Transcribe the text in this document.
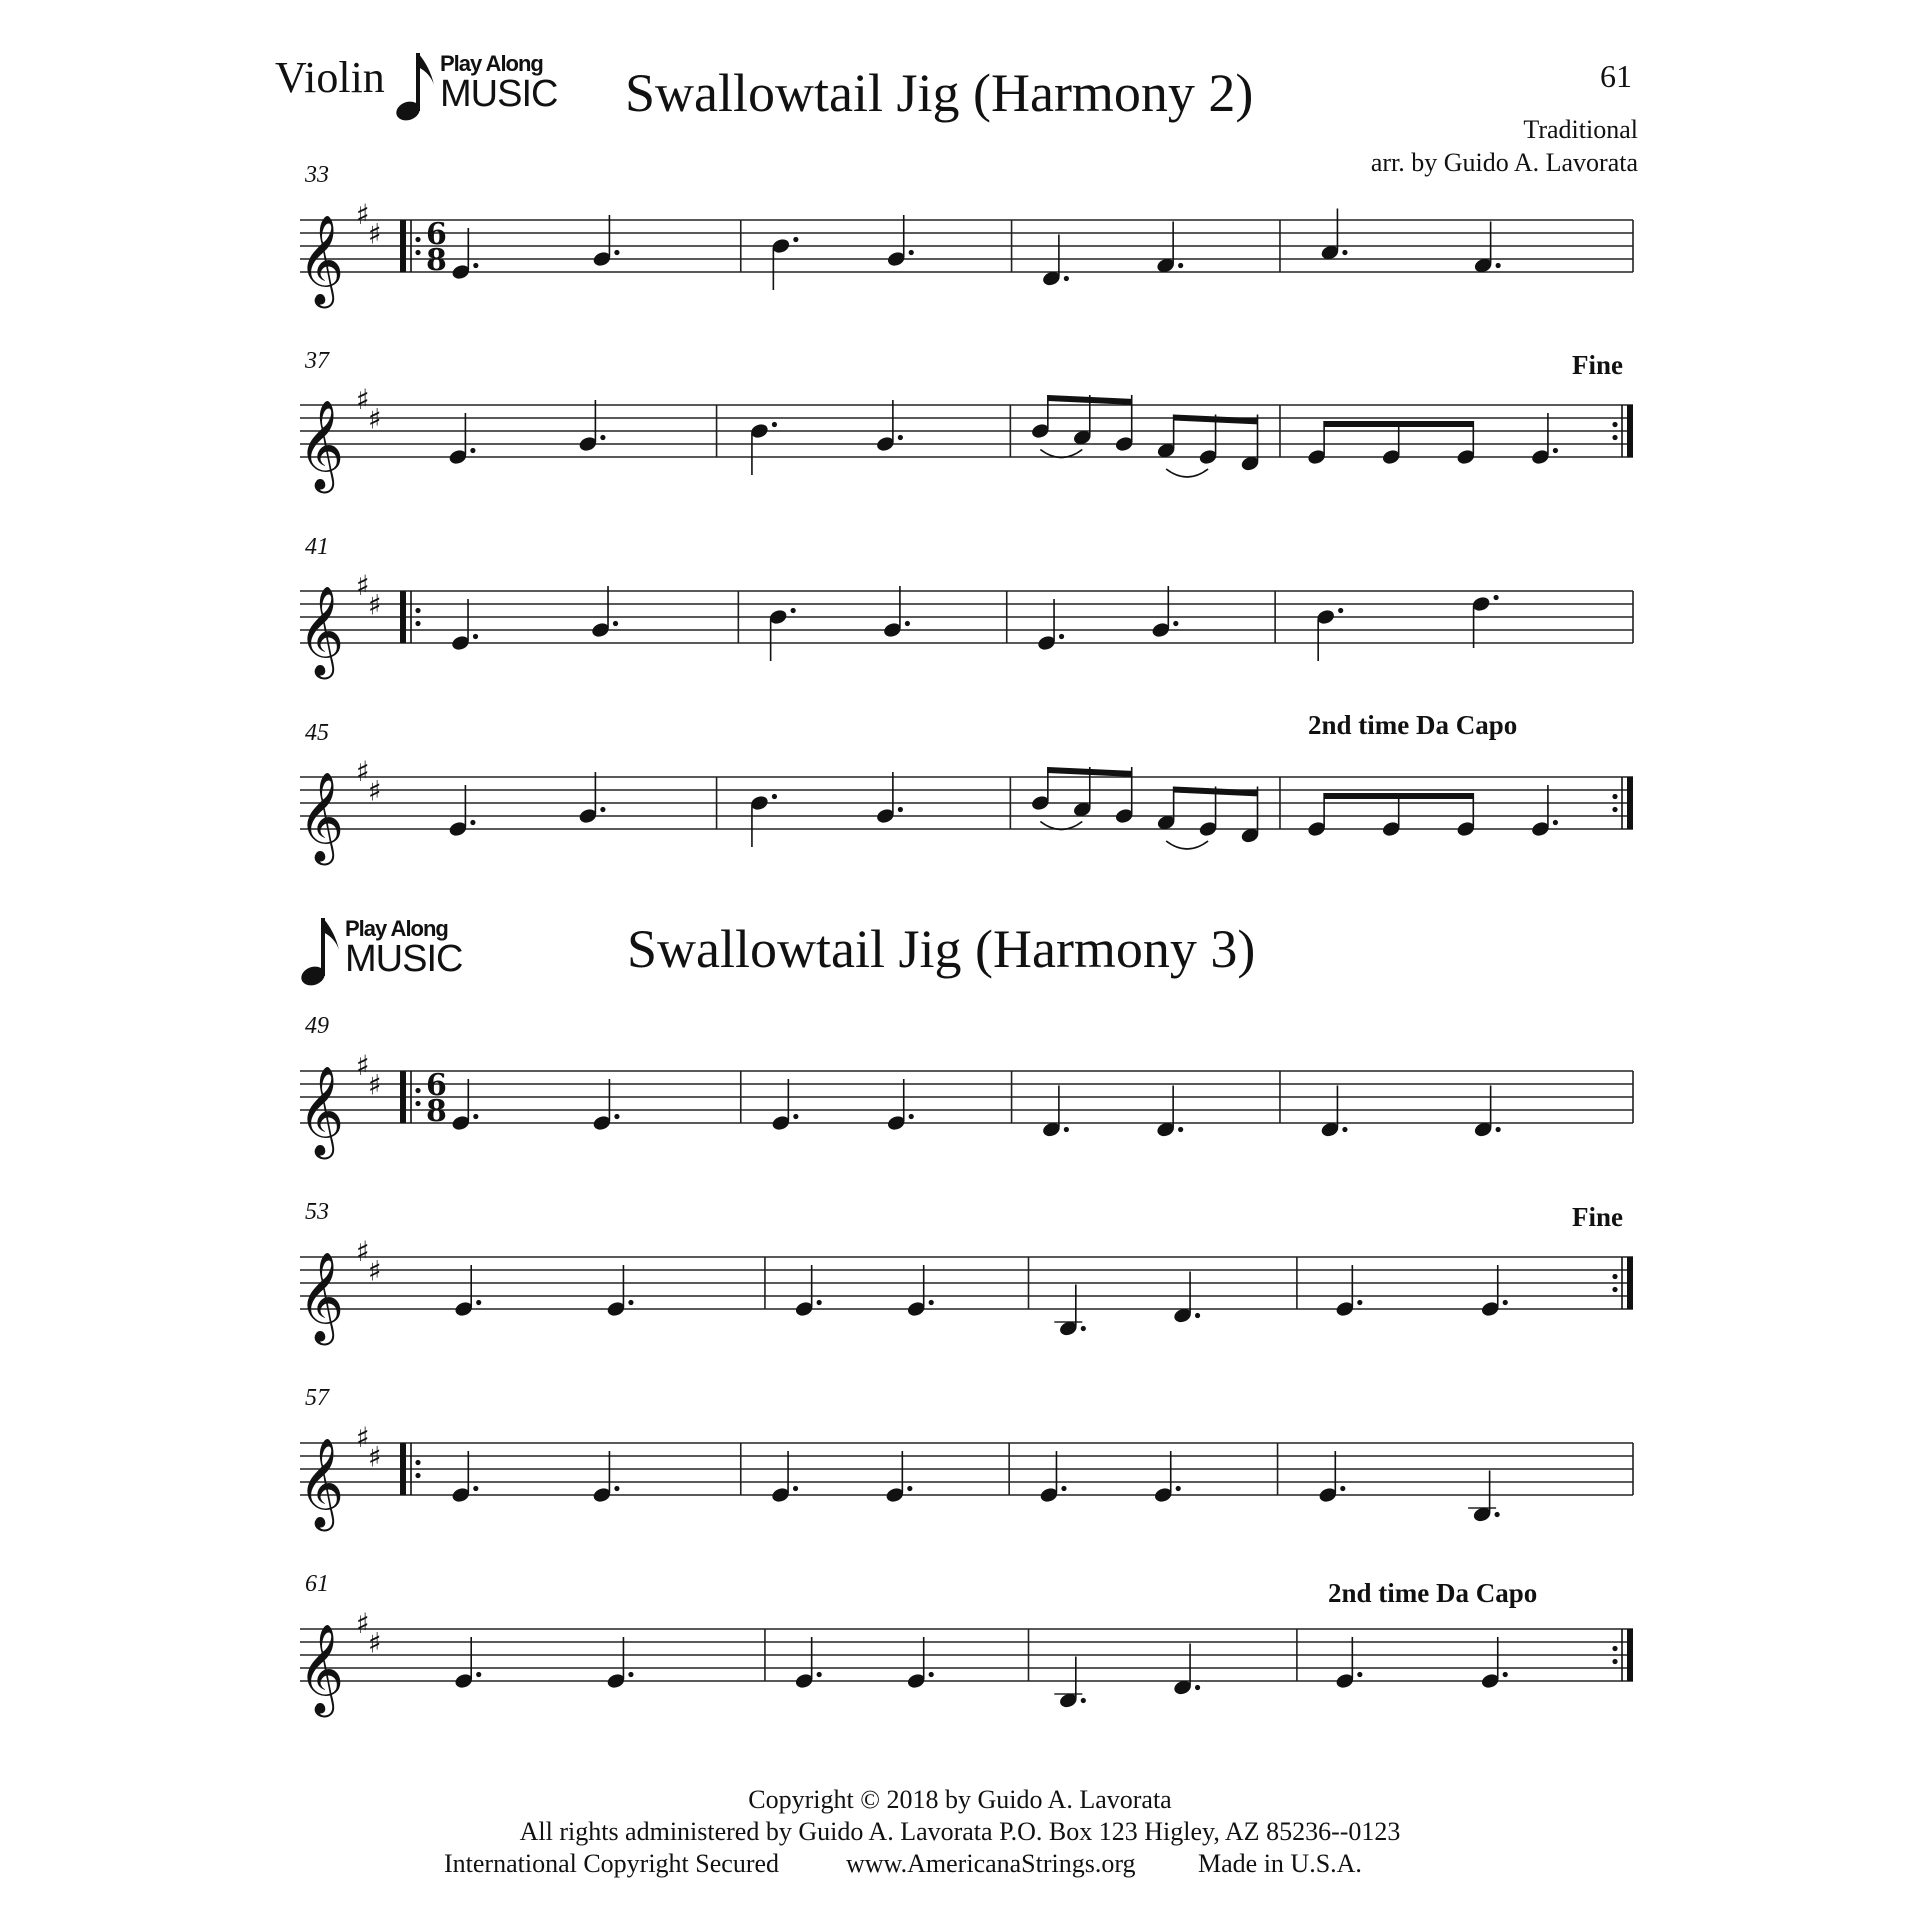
Violin	Play Along
MUSIC Swallowtail Jig (Harmony 2)	61
Traditional
arr. by Guido A. Lavorata
33
𝄞
♯
♯ 6
8
37	Fine
𝄞
♯
♯
41
𝄞
♯
♯
45	2nd time Da Capo
𝄞
♯
♯
Play Along
MUSIC	Swallowtail Jig (Harmony 3)
49
𝄞
♯
♯ 6
8
53	Fine
𝄞
♯
♯
57
𝄞
♯
♯
61	2nd time Da Capo
𝄞
♯
♯
Copyright © 2018 by Guido A. Lavorata
All rights administered by Guido A. Lavorata P.O. Box 123 Higley, AZ 85236--0123
International Copyright Secured	www.AmericanaStrings.org Made in U.S.A.
